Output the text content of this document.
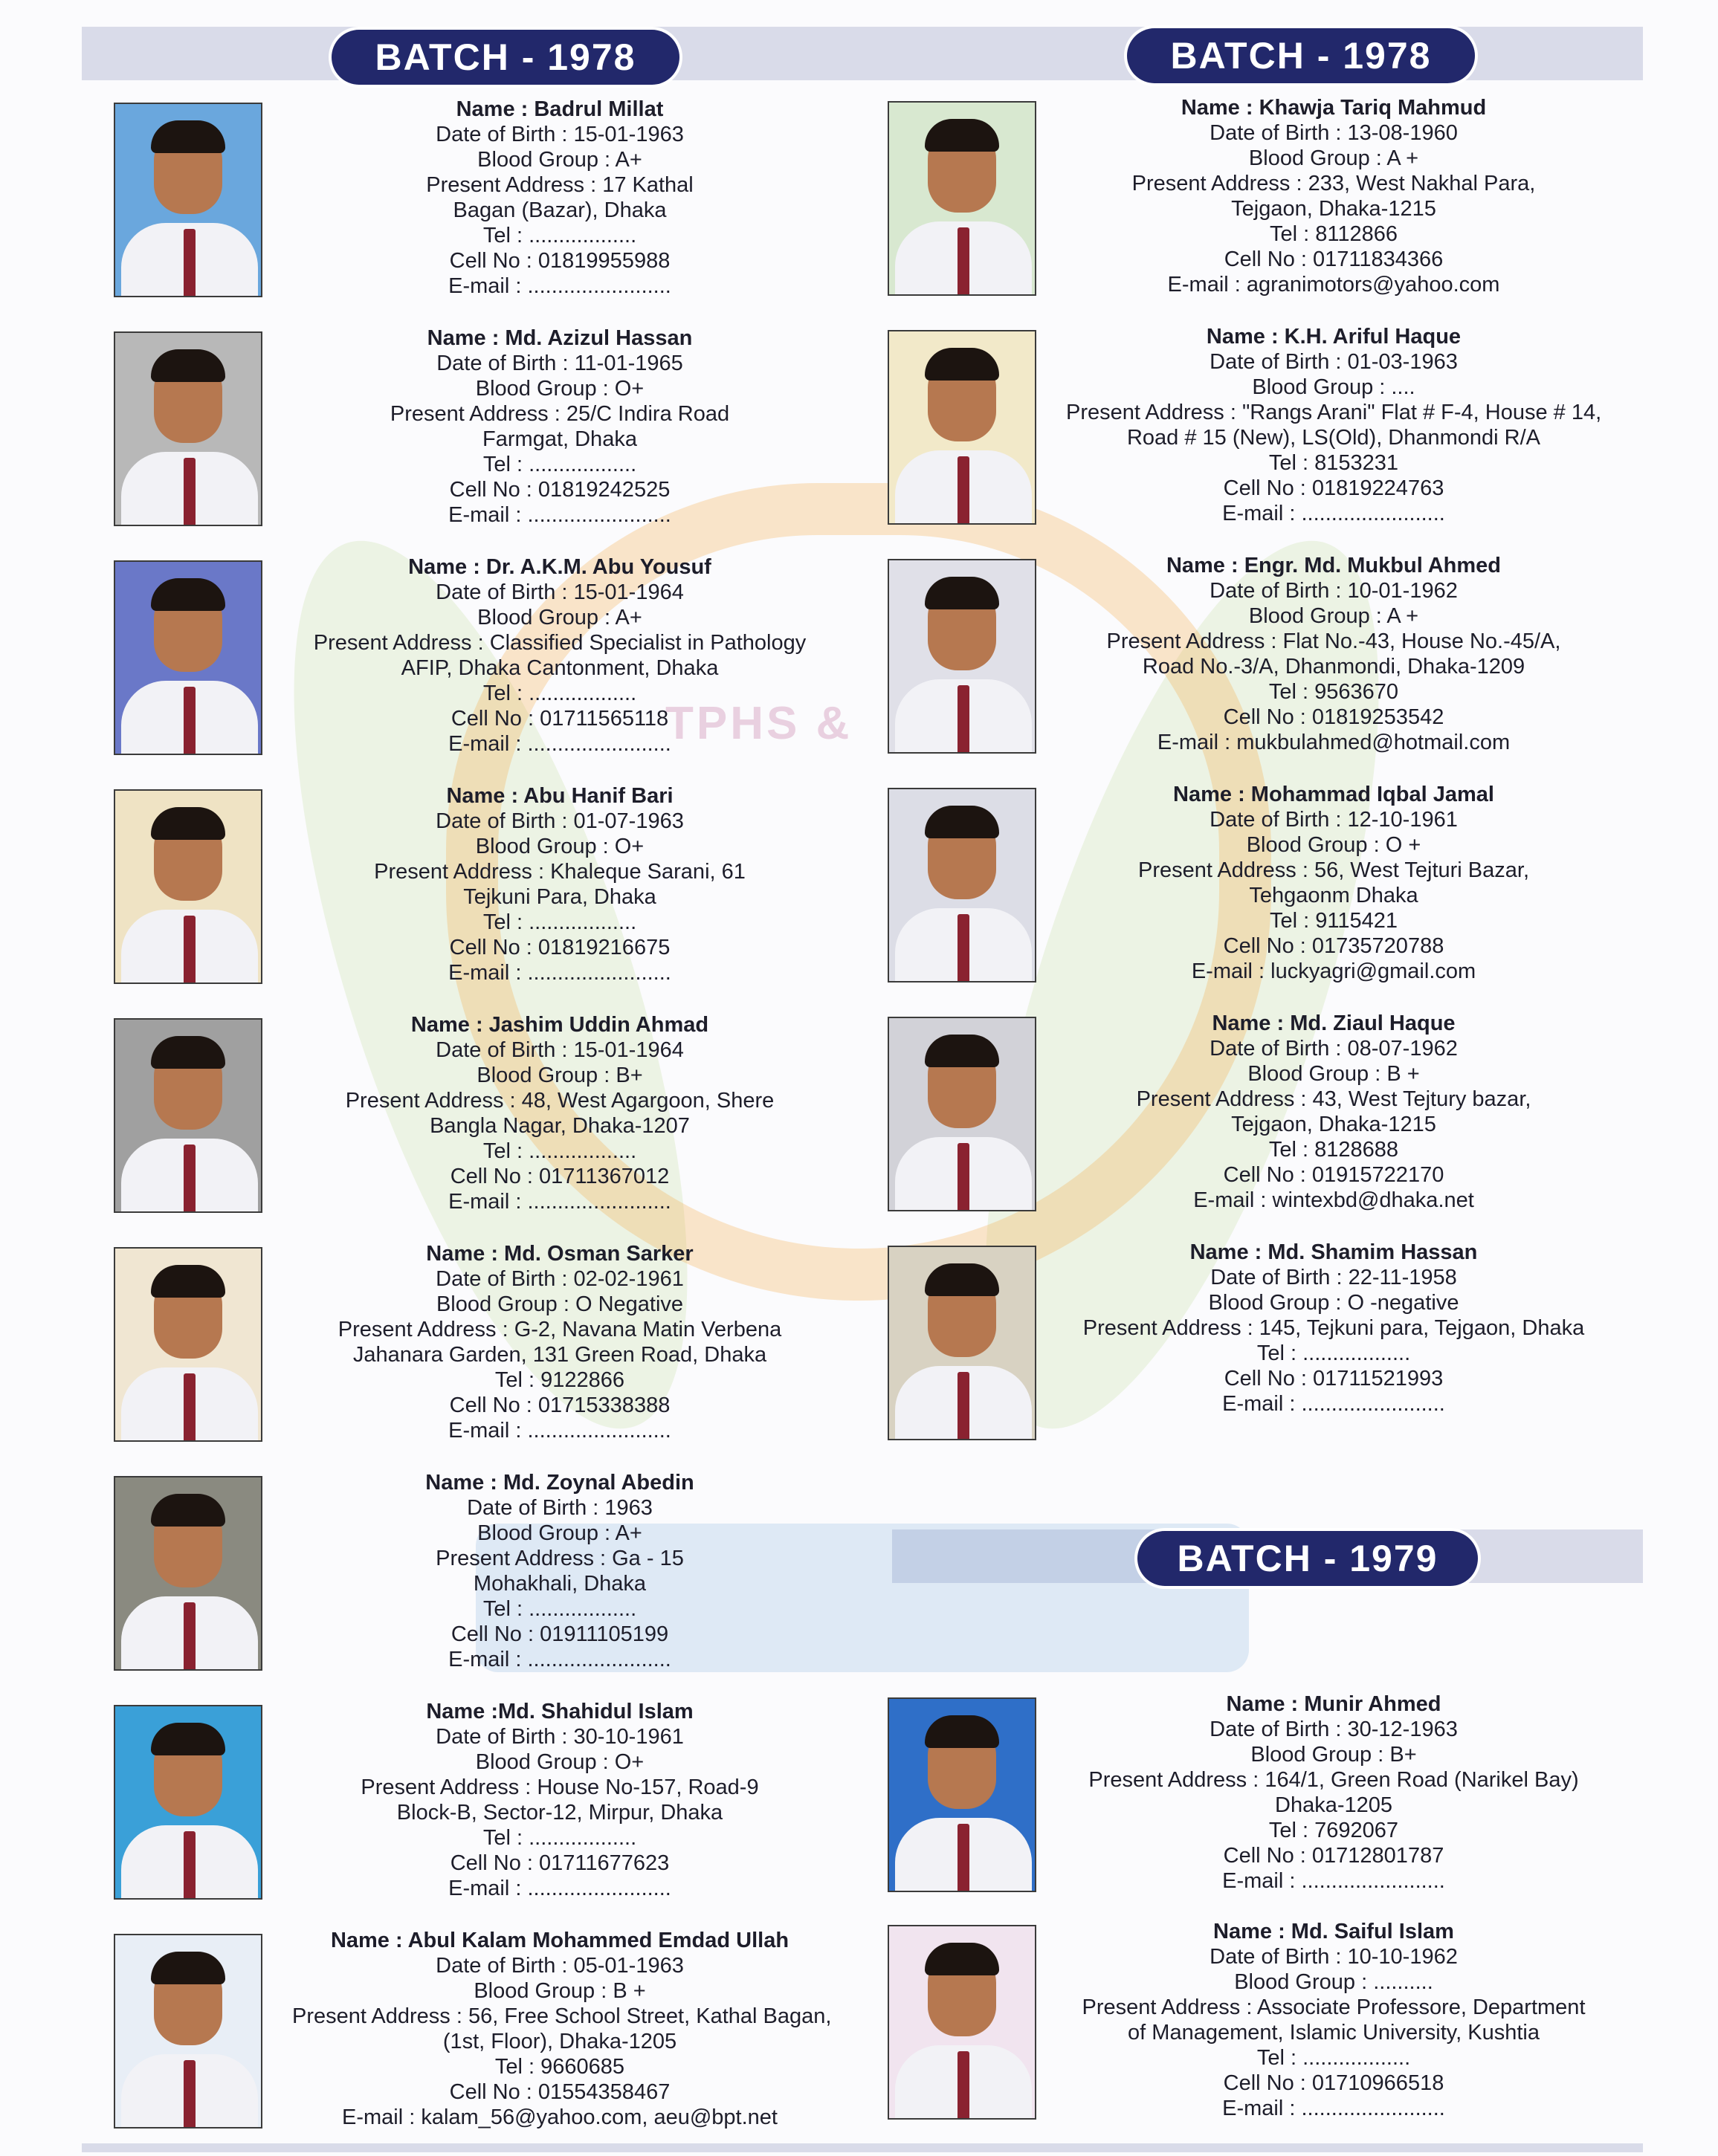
TPHS &
BATCH - 1978	BATCH - 1978
BATCH - 1979
Name : Badrul Millat
Date of Birth : 15-01-1963
Blood Group : A+
Present Address : 17 Kathal
Bagan (Bazar), Dhaka
Tel : ..................
Cell No : 01819955988
E-mail : ........................
Name : Md. Azizul Hassan
Date of Birth : 11-01-1965
Blood Group : O+
Present Address : 25/C Indira Road
Farmgat, Dhaka
Tel : ..................
Cell No : 01819242525
E-mail : ........................
Name : Dr. A.K.M. Abu Yousuf
Date of Birth : 15-01-1964
Blood Group : A+
Present Address : Classified Specialist in Pathology
AFIP, Dhaka Cantonment, Dhaka
Tel : ..................
Cell No : 01711565118
E-mail : ........................
Name : Abu Hanif Bari
Date of Birth : 01-07-1963
Blood Group : O+
Present Address : Khaleque Sarani, 61
Tejkuni Para, Dhaka
Tel : ..................
Cell No : 01819216675
E-mail : ........................
Name : Jashim Uddin Ahmad
Date of Birth : 15-01-1964
Blood Group : B+
Present Address : 48, West Agargoon, Shere
Bangla Nagar, Dhaka-1207
Tel : ..................
Cell No : 01711367012
E-mail : ........................
Name : Md. Osman Sarker
Date of Birth : 02-02-1961
Blood Group : O Negative
Present Address : G-2, Navana Matin Verbena
Jahanara Garden, 131 Green Road, Dhaka
Tel : 9122866
Cell No : 01715338388
E-mail : ........................
Name : Md. Zoynal Abedin
Date of Birth : 1963
Blood Group : A+
Present Address : Ga - 15
Mohakhali, Dhaka
Tel : ..................
Cell No : 01911105199
E-mail : ........................
Name :Md. Shahidul Islam
Date of Birth : 30-10-1961
Blood Group : O+
Present Address : House No-157, Road-9
Block-B, Sector-12, Mirpur, Dhaka
Tel : ..................
Cell No : 01711677623
E-mail : ........................
Name : Abul Kalam Mohammed Emdad Ullah
Date of Birth : 05-01-1963
Blood Group : B +
Present Address : 56, Free School Street, Kathal Bagan,
(1st, Floor), Dhaka-1205
Tel : 9660685
Cell No : 01554358467
E-mail : kalam_56@yahoo.com, aeu@bpt.net
Name : Khawja Tariq Mahmud
Date of Birth : 13-08-1960
Blood Group : A +
Present Address : 233, West Nakhal Para,
Tejgaon, Dhaka-1215
Tel : 8112866
Cell No : 01711834366
E-mail : agranimotors@yahoo.com
Name : K.H. Ariful Haque
Date of Birth : 01-03-1963
Blood Group : ....
Present Address : "Rangs Arani" Flat # F-4, House # 14,
Road # 15 (New), LS(Old), Dhanmondi R/A
Tel : 8153231
Cell No : 01819224763
E-mail : ........................
Name : Engr. Md. Mukbul Ahmed
Date of Birth : 10-01-1962
Blood Group : A +
Present Address : Flat No.-43, House No.-45/A,
Road No.-3/A, Dhanmondi, Dhaka-1209
Tel : 9563670
Cell No : 01819253542
E-mail : mukbulahmed@hotmail.com
Name : Mohammad Iqbal Jamal
Date of Birth : 12-10-1961
Blood Group : O +
Present Address : 56, West Tejturi Bazar,
Tehgaonm Dhaka
Tel : 9115421
Cell No : 01735720788
E-mail : luckyagri@gmail.com
Name : Md. Ziaul Haque
Date of Birth : 08-07-1962
Blood Group : B +
Present Address : 43, West Tejtury bazar,
Tejgaon, Dhaka-1215
Tel : 8128688
Cell No : 01915722170
E-mail : wintexbd@dhaka.net
Name : Md. Shamim Hassan
Date of Birth : 22-11-1958
Blood Group : O -negative
Present Address : 145, Tejkuni para, Tejgaon, Dhaka
Tel : ..................
Cell No : 01711521993
E-mail : ........................
Name : Munir Ahmed
Date of Birth : 30-12-1963
Blood Group : B+
Present Address : 164/1, Green Road (Narikel Bay)
Dhaka-1205
Tel : 7692067
Cell No : 01712801787
E-mail : ........................
Name : Md. Saiful Islam
Date of Birth : 10-10-1962
Blood Group : ..........
Present Address : Associate Professore, Department
of Management, Islamic University, Kushtia
Tel : ..................
Cell No : 01710966518
E-mail : ........................
